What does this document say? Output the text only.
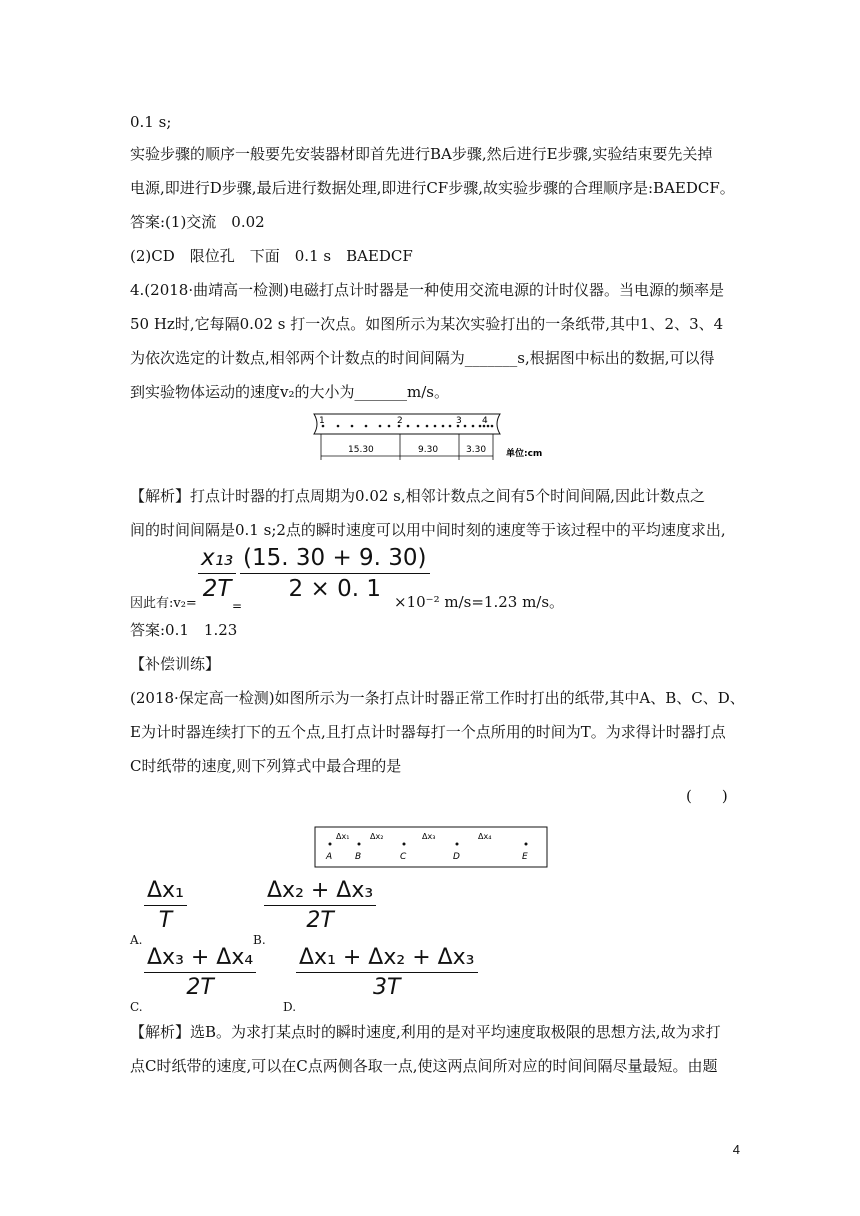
0.1 s;
实验步骤的顺序一般要先安装器材即首先进行BA步骤,然后进行E步骤,实验结束要先关掉
电源,即进行D步骤,最后进行数据处理,即进行CF步骤,故实验步骤的合理顺序是:BAEDCF。
答案:(1)交流　0.02
(2)CD　限位孔　下面　0.1 s　BAEDCF
4.(2018·曲靖高一检测)电磁打点计时器是一种使用交流电源的计时仪器。当电源的频率是
50 Hz时,它每隔0.02 s 打一次点。如图所示为某次实验打出的一条纸带,其中1、2、3、4
为依次选定的计数点,相邻两个计数点的时间间隔为_______s,根据图中标出的数据,可以得
到实验物体运动的速度v₂的大小为_______m/s。
1	2	3 4
15.30	9.30	3.30 单位:cm
【解析】打点计时器的打点周期为0.02 s,相邻计数点之间有5个时间间隔,因此计数点之
间的时间间隔是0.1 s;2点的瞬时速度可以用中间时刻的速度等于该过程中的平均速度求出,
因此有:v₂=
$\frac{\text{x₁₃}}{2T}$
=
$\frac{(15. 30 + 9. 30)}{2 \times 0. 1}$
×10⁻² m/s=1.23 m/s。
答案:0.1　1.23
【补偿训练】
(2018·保定高一检测)如图所示为一条打点计时器正常工作时打出的纸带,其中A、B、C、D、
E为计时器连续打下的五个点,且打点计时器每打一个点所用的时间为T。为求得计时器打点
C时纸带的速度,则下列算式中最合理的是
(　　)
A	B	C	D	E
Δx₁	Δx₂	Δx₃	Δx₄
A.
$\frac{\text{Δx₁}}{T}$
B.
$\frac{\text{Δx₂ + Δx₃}}{2T}$
C.
$\frac{\text{Δx₃ + Δx₄}}{2T}$
D.
$\frac{\text{Δx₁ + Δx₂ + Δx₃}}{3T}$
【解析】选B。为求打某点时的瞬时速度,利用的是对平均速度取极限的思想方法,故为求打
点C时纸带的速度,可以在C点两侧各取一点,使这两点间所对应的时间间隔尽量最短。由题
4
